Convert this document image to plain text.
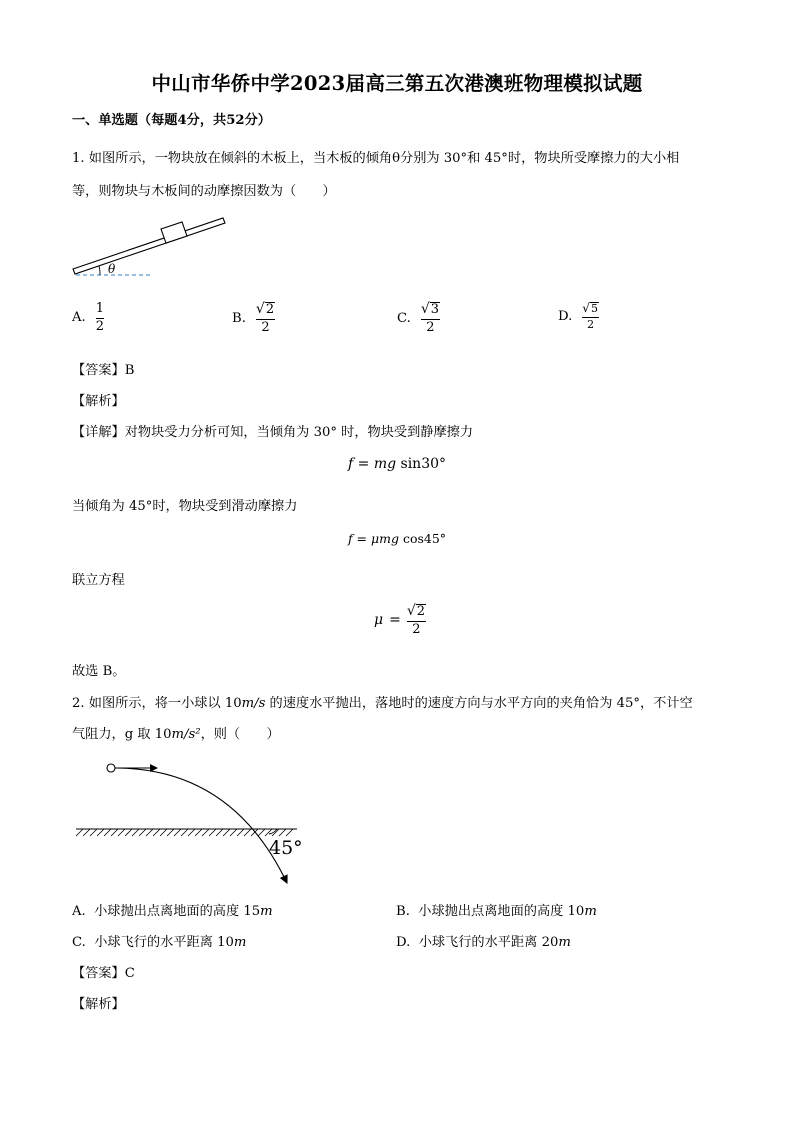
中山市华侨中学2023届高三第五次港澳班物理模拟试题
一、单选题（每题4分，共52分）
1. 如图所示，一物块放在倾斜的木板上，当木板的倾角θ分别为 30°和 45°时，物块所受摩擦力的大小相
等，则物块与木板间的动摩擦因数为（　　）
θ
A. $\frac{1}{2}$	B. $\frac{√ 2}{2}$	C. $\frac{√ 3}{2}$	D. $\frac{√ 5}{2}$
【答案】B
【解析】
【详解】对物块受力分析可知，当倾角为 30° 时，物块受到静摩擦力
f = mg sin30°
当倾角为 45°时，物块受到滑动摩擦力
f = μmg cos45°
联立方程
$\mu = \frac{√ 2}{2}$
故选 B。
2. 如图所示，将一小球以 10m/s 的速度水平抛出，落地时的速度方向与水平方向的夹角恰为 45°，不计空
气阻力，g 取 10m/s²，则（　　）
45°
A. 小球抛出点离地面的高度 15m	B. 小球抛出点离地面的高度 10m
C. 小球飞行的水平距离 10m	D. 小球飞行的水平距离 20m
【答案】C
【解析】
